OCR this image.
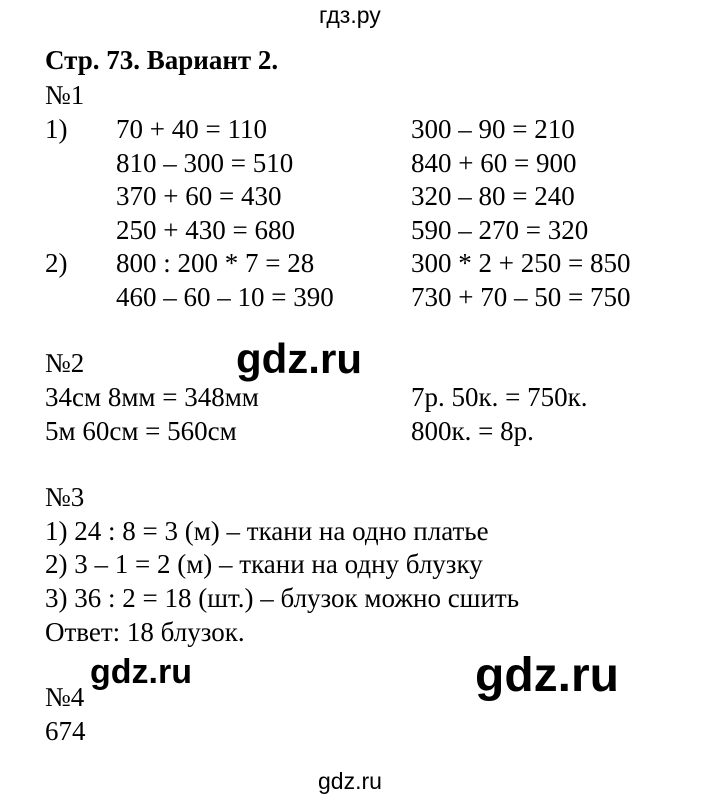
гдз.ру
Стр. 73. Вариант 2.
№1
1)
2)
70 + 40 = 110
810 – 300 = 510
370 + 60 = 430
250 + 430 = 680
800 : 200 * 7 = 28
460 – 60 – 10 = 390
300 – 90 = 210
840 + 60 = 900
320 – 80 = 240
590 – 270 = 320
300 * 2 + 250 = 850
730 + 70 – 50 = 750
№2	gdz.ru
34см 8мм = 348мм
5м 60см = 560см
7р. 50к. = 750к.
800к. = 8р.
№3
1) 24 : 8 = 3 (м) – ткани на одно платье
2) 3 – 1 = 2 (м) – ткани на одну блузку
3) 36 : 2 = 18 (шт.) – блузок можно сшить
Ответ: 18 блузок.
gdz.ru	gdz.ru
№4
674
gdz.ru
